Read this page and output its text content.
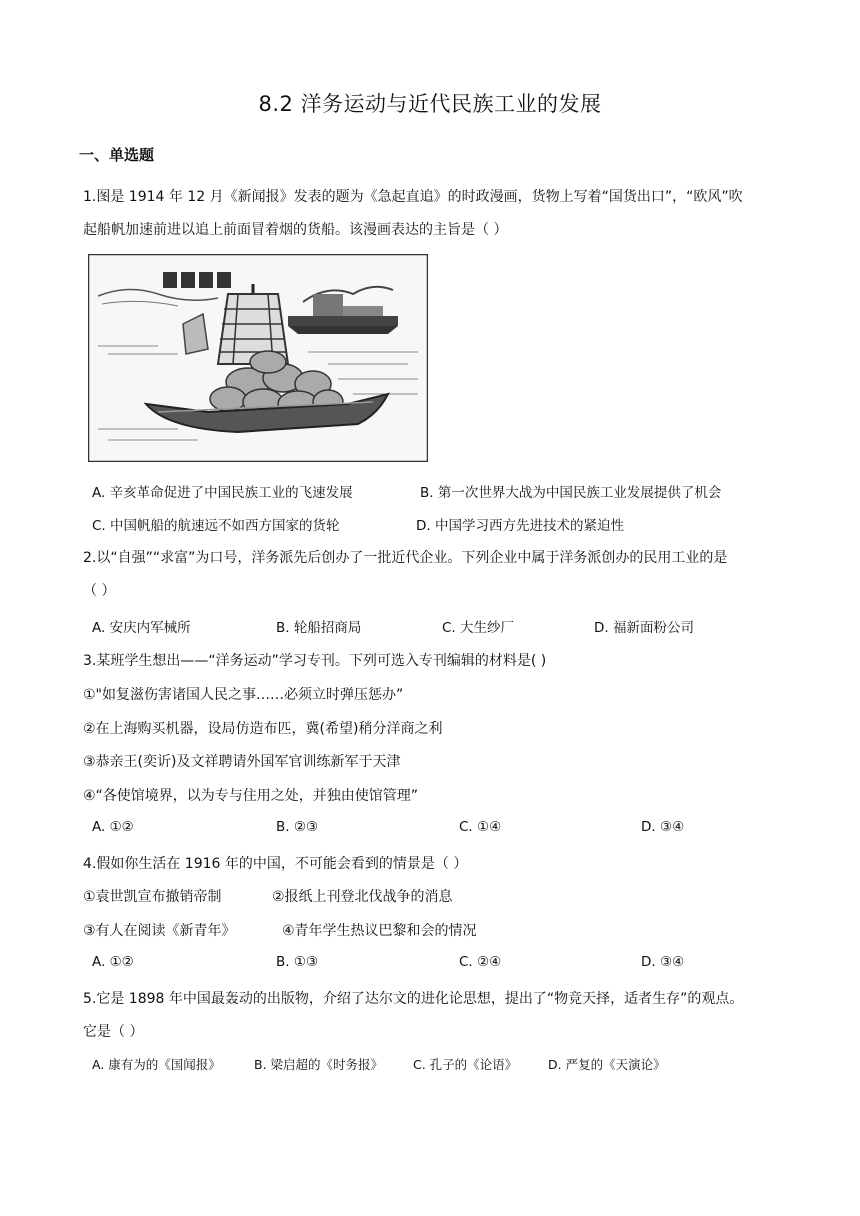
8.2 洋务运动与近代民族工业的发展
一、单选题
1.图是 1914 年 12 月《新闻报》发表的题为《急起直追》的时政漫画，货物上写着“国货出口”，“欧风”吹
起船帆加速前进以追上前面冒着烟的货船。该漫画表达的主旨是（ ）
A. 辛亥革命促进了中国民族工业的飞速发展	B. 第一次世界大战为中国民族工业发展提供了机会
C. 中国帆船的航速远不如西方国家的货轮	D. 中国学习西方先进技术的紧迫性
2.以“自强”“求富”为口号，洋务派先后创办了一批近代企业。下列企业中属于洋务派创办的民用工业的是
（ ）
A. 安庆内军械所	B. 轮船招商局	C. 大生纱厂	D. 福新面粉公司
3.某班学生想出——“洋务运动”学习专刊。下列可选入专刊编辑的材料是( )
①"如复滋伤害诸国人民之事……必须立时弹压惩办”
②在上海购买机器，设局仿造布匹，冀(希望)稍分洋商之利
③恭亲王(奕䜣)及文祥聘请外国军官训练新军于天津
④“各使馆境界，以为专与住用之处，并独由使馆管理”
A. ①②	B. ②③	C. ①④	D. ③④
4.假如你生活在 1916 年的中国，不可能会看到的情景是（ ）
①袁世凯宣布撤销帝制	②报纸上刊登北伐战争的消息
③有人在阅读《新青年》	④青年学生热议巴黎和会的情况
A. ①②	B. ①③	C. ②④	D. ③④
5.它是 1898 年中国最轰动的出版物，介绍了达尔文的进化论思想，提出了“物竞天择，适者生存”的观点。
它是（ ）
A. 康有为的《国闻报》	B. 梁启超的《时务报》 C. 孔子的《论语》 D. 严复的《天演论》
